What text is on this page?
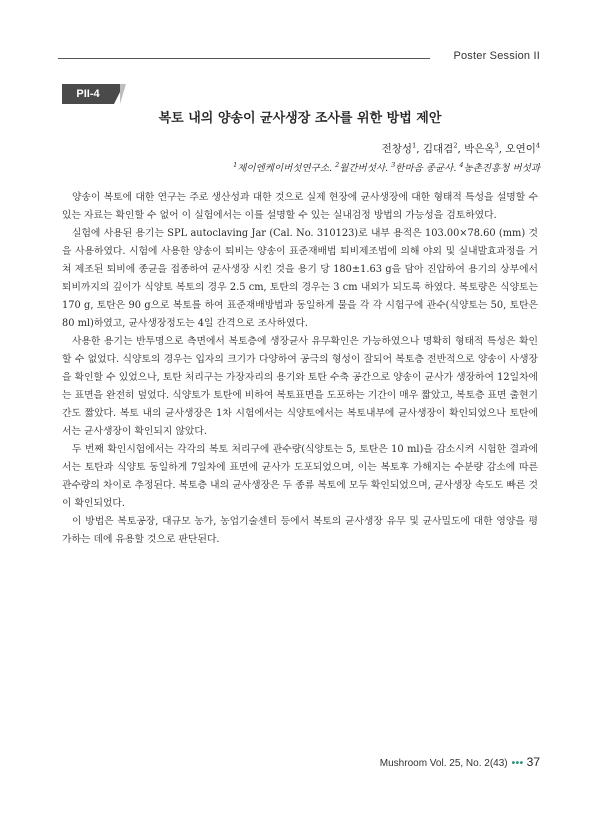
Poster Session II
PII-4
복토 내의 양송이 균사생장 조사를 위한 방법 제안
전창성$^1$, 김대겸$^2$, 박은옥$^3$, 오연이$^4$
$^1$제이엔케이버섯연구소. $^2$월간버섯사. $^3$한마음 종균사. $^4$농촌진흥청 버섯과

양송이 복토에 대한 연구는 주로 생산성과 대한 것으로 실제 현장에 균사생장에 대한 형태적 특성을 설명할 수 있는 자료는 확인할 수 없어 이 실험에서는 이를 설명할 수 있는 실내검정 방법의 가능성을 검토하였다.

실험에 사용된 용기는 SPL autoclaving Jar (Cal. No. 310123)로 내부 용적은 103.00×78.60 (mm) 것을 사용하였다. 시험에 사용한 양송이 퇴비는 양송이 표준재배법 퇴비제조법에 의해 야외 및 실내발효과정을 거쳐 제조된 퇴비에 종균을 접종하여 균사생장 시킨 것을 용기 당 180±1.63 g을 담아 진압하여 용기의 상부에서 퇴비까지의 깊이가 식양토 복토의 경우 2.5 cm, 토탄의 경우는 3 cm 내외가 되도록 하였다. 복토량은 식양토는 170 g, 토탄은 90 g으로 복토를 하여 표준재배방법과 동일하게 물을 각 각 시험구에 관수(식양토는 50, 토탄은 80 ml)하였고, 균사생장정도는 4일 간격으로 조사하였다.

사용한 용기는 반투명으로 측면에서 복토층에 생장균사 유무확인은 가능하였으나 명확히 형태적 특성은 확인할 수 없었다. 식양토의 경우는 입자의 크기가 다양하여 공극의 형성이 잘되어 복토층 전반적으로 양송이 사생장을 확인할 수 있었으나, 토탄 처리구는 가장자리의 용기와 토탄 수축 공간으로 양송이 균사가 생장하여 12일차에는 표면을 완전히 덮었다. 식양토가 토탄에 비하여 복토표면을 도포하는 기간이 매우 짧았고, 복토층 표면 출현기간도 짧았다. 복토 내의 균사생장은 1차 시험에서는 식양토에서는 복토내부에 균사생장이 확인되었으나 토탄에서는 균사생장이 확인되지 않았다.

두 번째 확인시험에서는 각각의 복토 처리구에 관수량(식양토는 5, 토탄은 10 ml)을 감소시켜 시험한 결과에서는 토탄과 식양토 동일하게 7일차에 표면에 균사가 도포되었으며, 이는 복토후 가해지는 수분량 감소에 따른 관수량의 차이로 추정된다. 복토층 내의 균사생장은 두 종류 복토에 모두 확인되었으며, 균사생장 속도도 빠른 것이 확인되었다.

이 방법은 복토공장, 대규모 농가, 농업기술센터 등에서 복토의 균사생장 유무 및 균사밀도에 대한 영양을 평가하는 데에 유용할 것으로 판단된다.

Mushroom Vol. 25, No. 2(43) ••• 37
